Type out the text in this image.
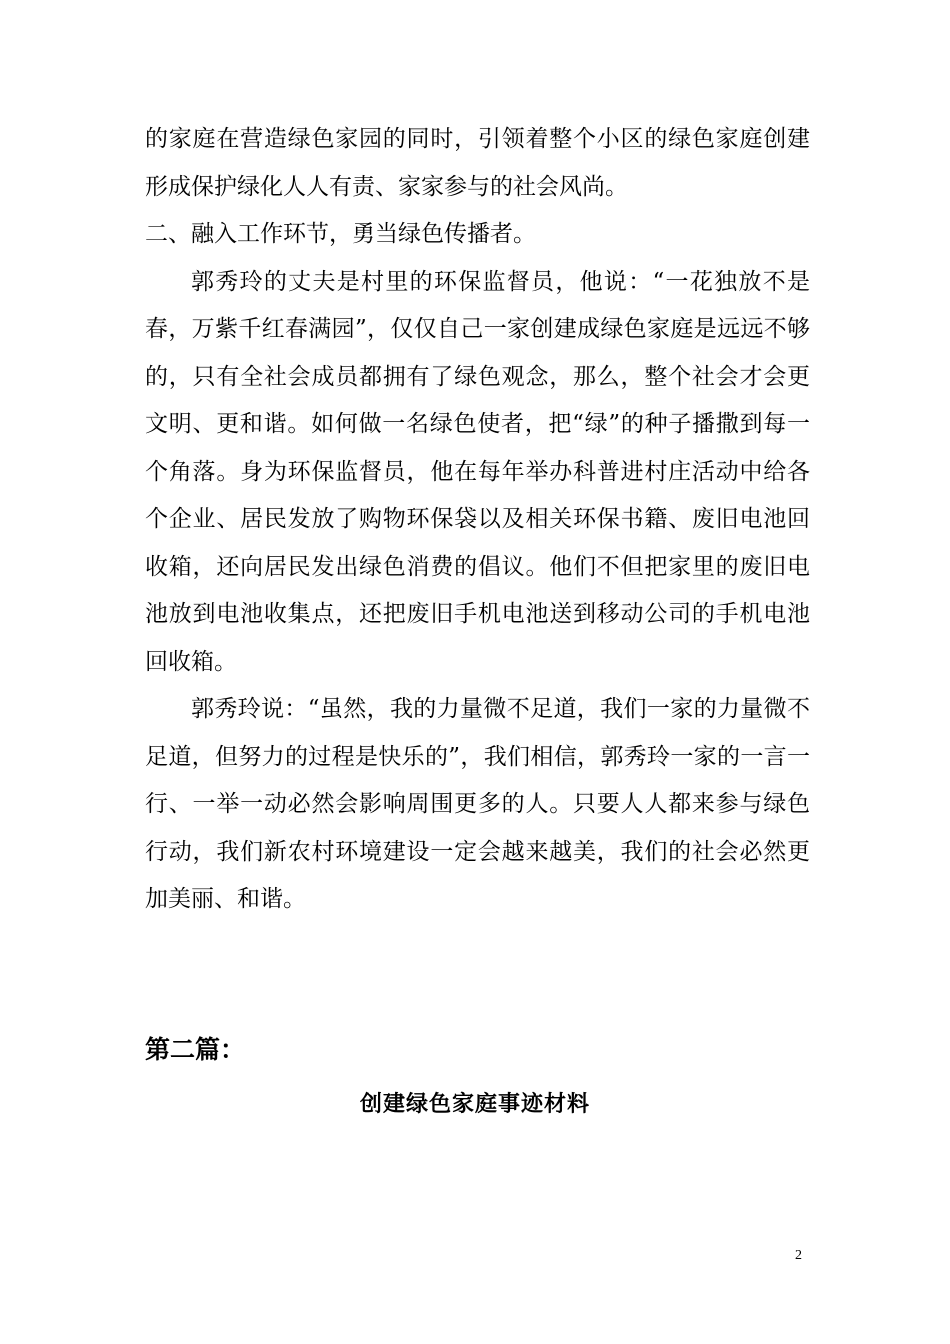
的家庭在营造绿色家园的同时，引领着整个小区的绿色家庭创建形成保护绿化人人有责、家家参与的社会风尚。

二、融入工作环节，勇当绿色传播者。

郭秀玲的丈夫是村里的环保监督员，他说：“一花独放不是春，万紫千红春满园”，仅仅自己一家创建成绿色家庭是远远不够的，只有全社会成员都拥有了绿色观念，那么，整个社会才会更文明、更和谐。如何做一名绿色使者，把“绿”的种子播撒到每一个角落。身为环保监督员，他在每年举办科普进村庄活动中给各个企业、居民发放了购物环保袋以及相关环保书籍、废旧电池回收箱，还向居民发出绿色消费的倡议。他们不但把家里的废旧电池放到电池收集点，还把废旧手机电池送到移动公司的手机电池回收箱。

郭秀玲说：“虽然，我的力量微不足道，我们一家的力量微不足道，但努力的过程是快乐的”，我们相信，郭秀玲一家的一言一行、一举一动必然会影响周围更多的人。只要人人都来参与绿色行动，我们新农村环境建设一定会越来越美，我们的社会必然更加美丽、和谐。

第二篇：
创建绿色家庭事迹材料
2
